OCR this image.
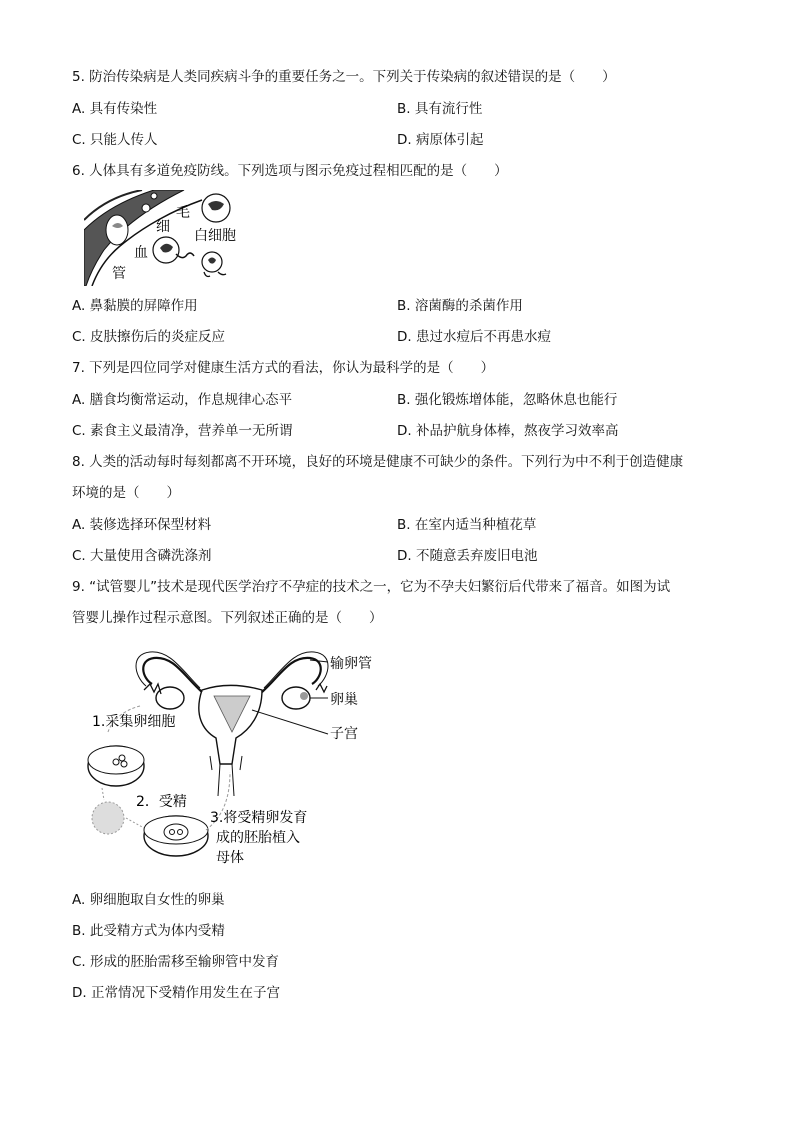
5. 防治传染病是人类同疾病斗争的重要任务之一。下列关于传染病的叙述错误的是（　　）
A. 具有传染性	B. 具有流行性
C. 只能人传人	D. 病原体引起
6. 人体具有多道免疫防线。下列选项与图示免疫过程相匹配的是（　　）
毛
细
血
管
白细胞
A. 鼻黏膜的屏障作用	B. 溶菌酶的杀菌作用
C. 皮肤擦伤后的炎症反应	D. 患过水痘后不再患水痘
7. 下列是四位同学对健康生活方式的看法，你认为最科学的是（　　）
A. 膳食均衡常运动，作息规律心态平	B. 强化锻炼增体能，忽略休息也能行
C. 素食主义最清净，营养单一无所谓	D. 补品护航身体棒，熬夜学习效率高
8. 人类的活动每时每刻都离不开环境，良好的环境是健康不可缺少的条件。下列行为中不利于创造健康
环境的是（　　）
A. 装修选择环保型材料	B. 在室内适当种植花草
C. 大量使用含磷洗涤剂	D. 不随意丢弃废旧电池
9. “试管婴儿”技术是现代医学治疗不孕症的技术之一，它为不孕夫妇繁衍后代带来了福音。如图为试
管婴儿操作过程示意图。下列叙述正确的是（　　）
输卵管
卵巢
子宫
1.采集卵细胞
2．受精
3.将受精卵发育
成的胚胎植入
母体
A. 卵细胞取自女性的卵巢
B. 此受精方式为体内受精
C. 形成的胚胎需移至输卵管中发育
D. 正常情况下受精作用发生在子宫
